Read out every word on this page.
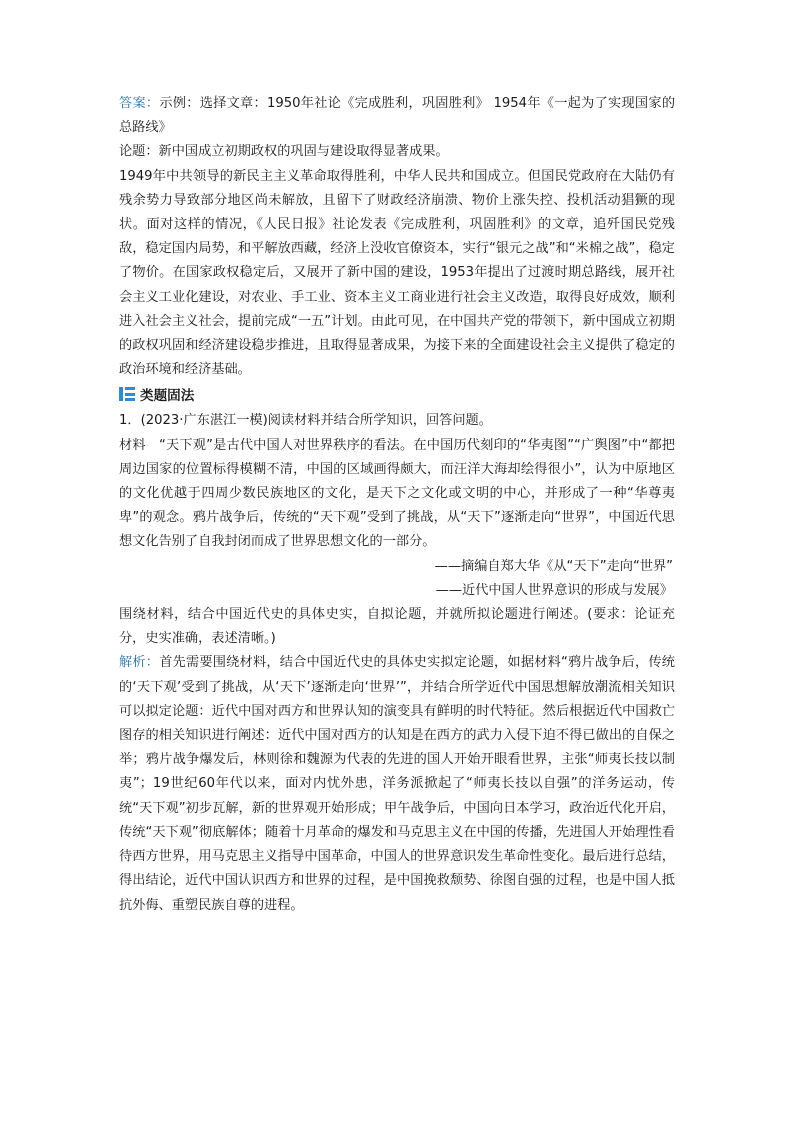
答案：示例：选择文章：1950年社论《完成胜利，巩固胜利》 1954年《一起为了实现国家的总路线》

论题：新中国成立初期政权的巩固与建设取得显著成果。

1949年中共领导的新民主主义革命取得胜利，中华人民共和国成立。但国民党政府在大陆仍有残余势力导致部分地区尚未解放，且留下了财政经济崩溃、物价上涨失控、投机活动猖獗的现状。面对这样的情况，《人民日报》社论发表《完成胜利，巩固胜利》的文章，追歼国民党残敌，稳定国内局势，和平解放西藏，经济上没收官僚资本，实行“银元之战”和“米棉之战”，稳定了物价。在国家政权稳定后，又展开了新中国的建设，1953年提出了过渡时期总路线，展开社会主义工业化建设，对农业、手工业、资本主义工商业进行社会主义改造，取得良好成效，顺利进入社会主义社会，提前完成“一五”计划。由此可见，在中国共产党的带领下，新中国成立初期的政权巩固和经济建设稳步推进，且取得显著成果，为接下来的全面建设社会主义提供了稳定的政治环境和经济基础。

类题固法

1．(2023·广东湛江一模)阅读材料并结合所学知识，回答问题。

材料　“天下观”是古代中国人对世界秩序的看法。在中国历代刻印的“华夷图”“广舆图”中“都把周边国家的位置标得模糊不清，中国的区域画得颇大，而汪洋大海却绘得很小”，认为中原地区的文化优越于四周少数民族地区的文化，是天下之文化或文明的中心，并形成了一种“华尊夷卑”的观念。鸦片战争后，传统的“天下观”受到了挑战，从“天下”逐渐走向“世界”，中国近代思想文化告别了自我封闭而成了世界思想文化的一部分。

——摘编自郑大华《从“天下”走向“世界”

——近代中国人世界意识的形成与发展》

围绕材料，结合中国近代史的具体史实，自拟论题，并就所拟论题进行阐述。(要求：论证充分，史实准确，表述清晰。)

解析：首先需要围绕材料，结合中国近代史的具体史实拟定论题，如据材料“鸦片战争后，传统的‘天下观’受到了挑战，从‘天下’逐渐走向‘世界’”，并结合所学近代中国思想解放潮流相关知识可以拟定论题：近代中国对西方和世界认知的演变具有鲜明的时代特征。然后根据近代中国救亡图存的相关知识进行阐述：近代中国对西方的认知是在西方的武力入侵下迫不得已做出的自保之举；鸦片战争爆发后，林则徐和魏源为代表的先进的国人开始开眼看世界，主张“师夷长技以制夷”；19世纪60年代以来，面对内忧外患，洋务派掀起了“师夷长技以自强”的洋务运动，传统“天下观”初步瓦解，新的世界观开始形成；甲午战争后，中国向日本学习，政治近代化开启，传统“天下观”彻底解体；随着十月革命的爆发和马克思主义在中国的传播，先进国人开始理性看待西方世界，用马克思主义指导中国革命，中国人的世界意识发生革命性变化。最后进行总结，得出结论，近代中国认识西方和世界的过程，是中国挽救颓势、徐图自强的过程，也是中国人抵抗外侮、重塑民族自尊的进程。
